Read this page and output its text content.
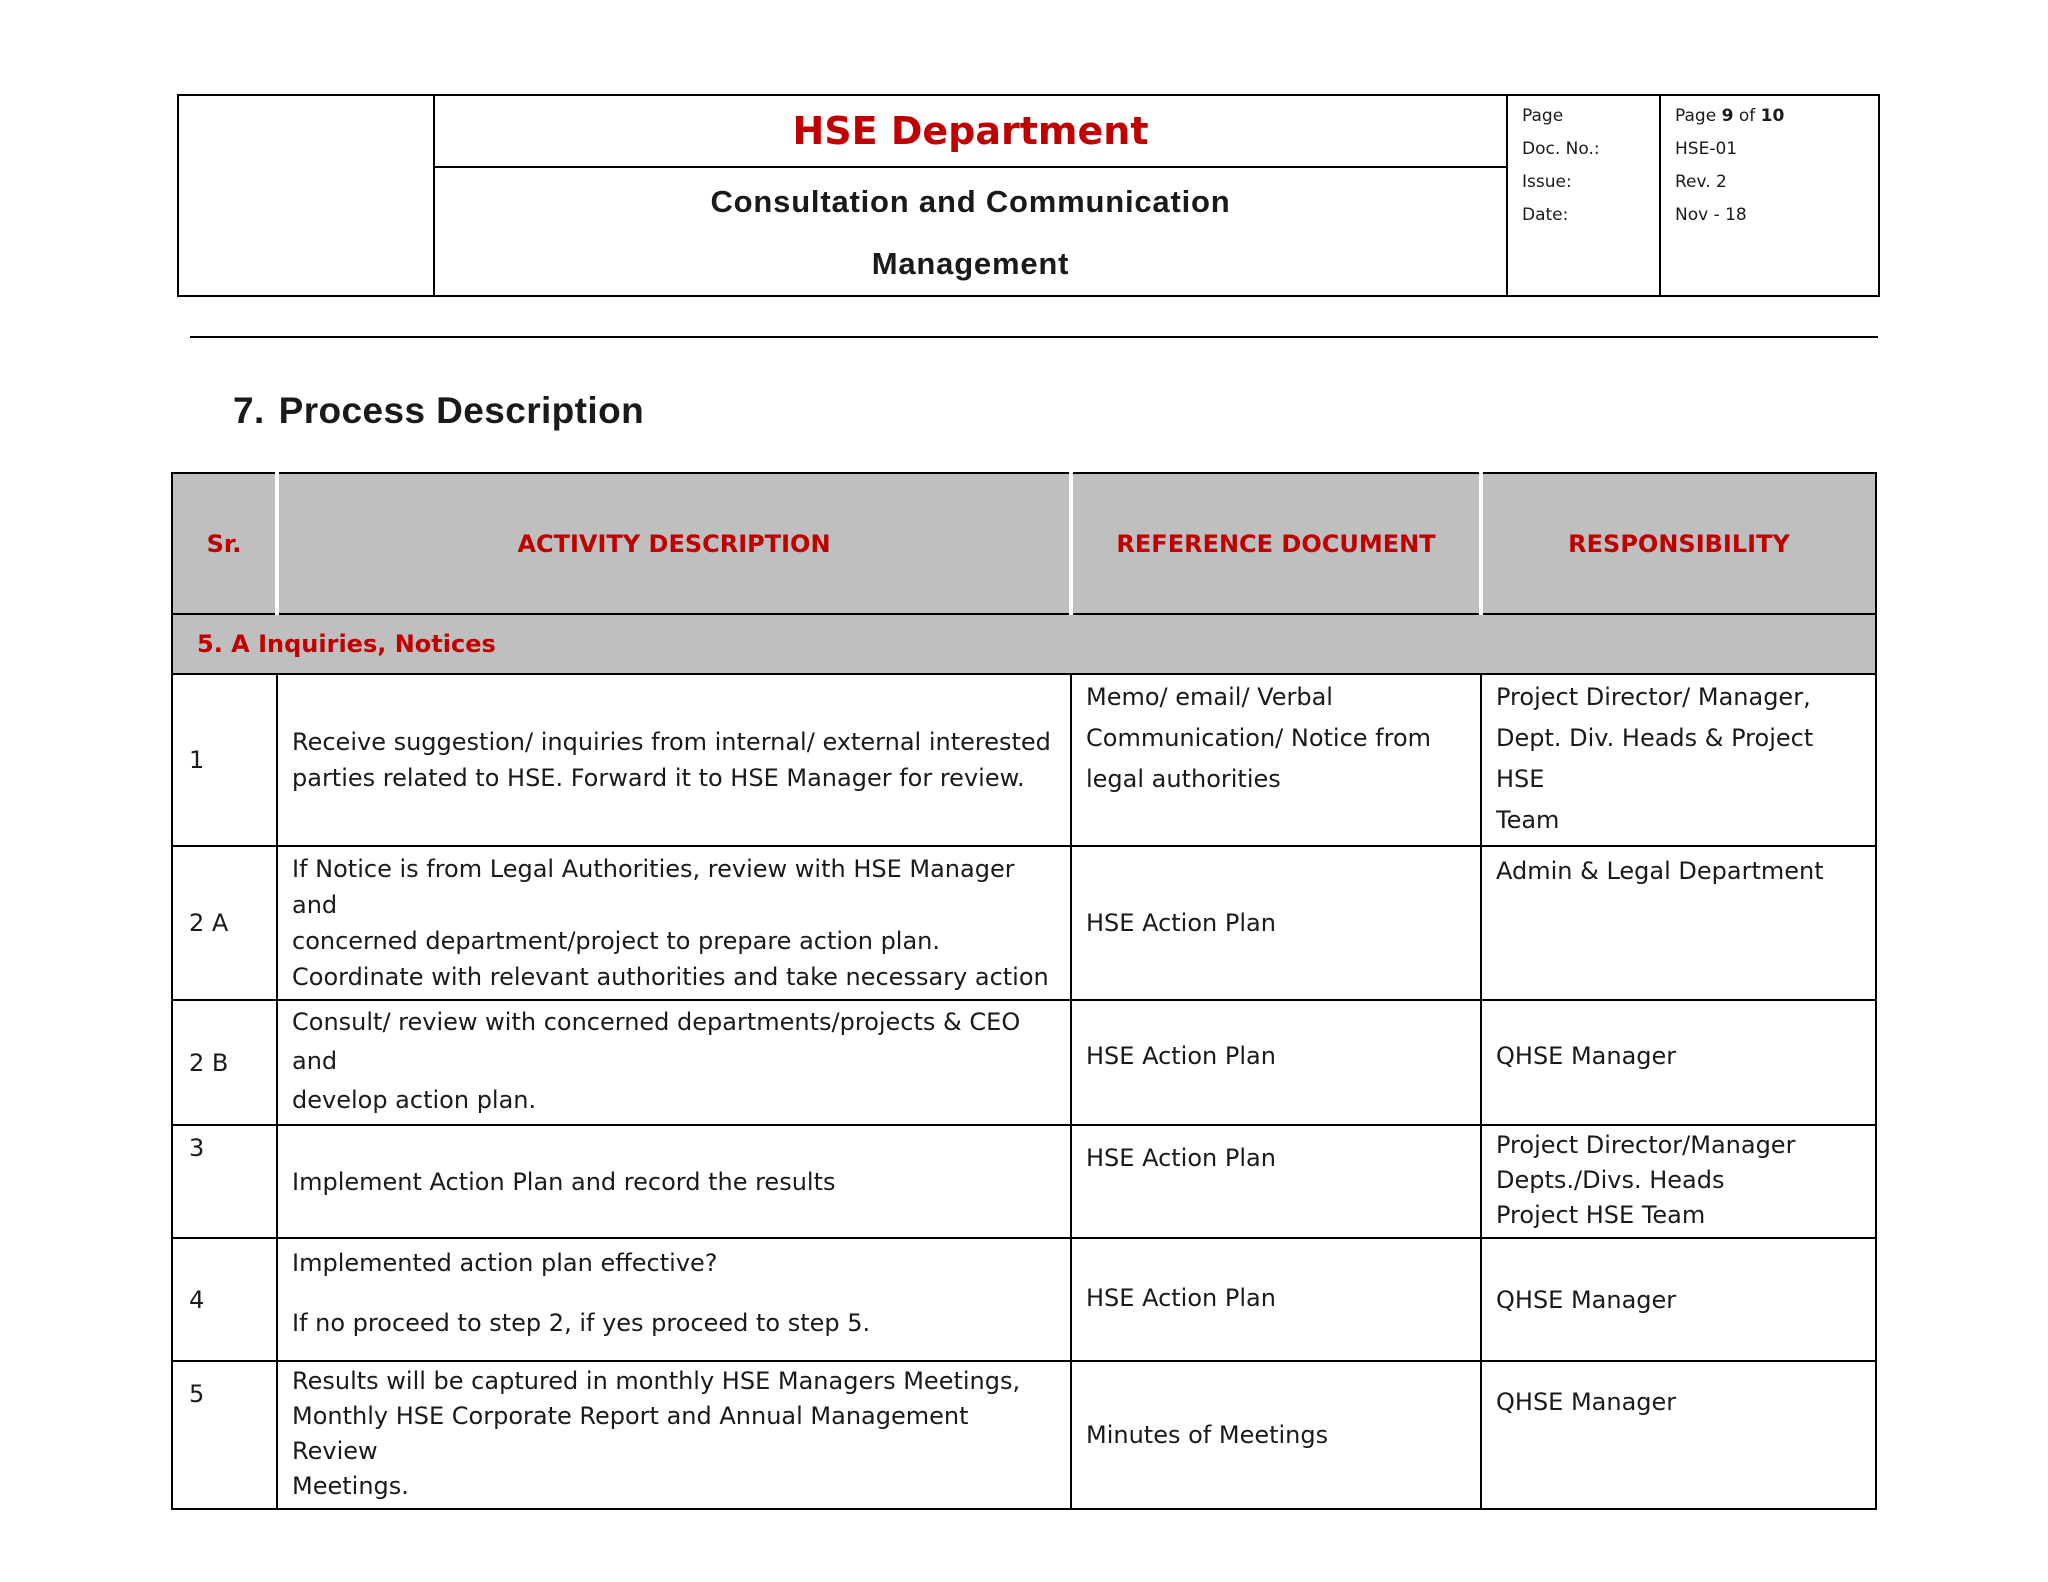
HSE Department	Page
Doc. No.:
Issue:
Date:

Page 9 of 10
HSE-01
Rev. 2
Nov - 18

Consultation and Communication
Management
7. Process Description
Sr.	ACTIVITY DESCRIPTION	REFERENCE DOCUMENT	RESPONSIBILITY
5. A Inquiries, Notices			
1	Receive suggestion/ inquiries from internal/ external interested
parties related to HSE. Forward it to HSE Manager for review.	Memo/ email/ Verbal
Communication/ Notice from
legal authorities	Project Director/ Manager,
Dept. Div. Heads & Project HSE
Team

2 A	If Notice is from Legal Authorities, review with HSE Manager and
concerned department/project to prepare action plan.
Coordinate with relevant authorities and take necessary action	HSE Action Plan	Admin & Legal Department

2 B	Consult/ review with concerned departments/projects & CEO and
develop action plan.	HSE Action Plan	QHSE Manager

3	Implement Action Plan and record the results	HSE Action Plan	Project Director/Manager
Depts./Divs. Heads
Project HSE Team

4	Implemented action plan effective?
If no proceed to step 2, if yes proceed to step 5.	HSE Action Plan	QHSE Manager

5	Results will be captured in monthly HSE Managers Meetings,
Monthly HSE Corporate Report and Annual Management Review
Meetings.	Minutes of Meetings	QHSE Manager
